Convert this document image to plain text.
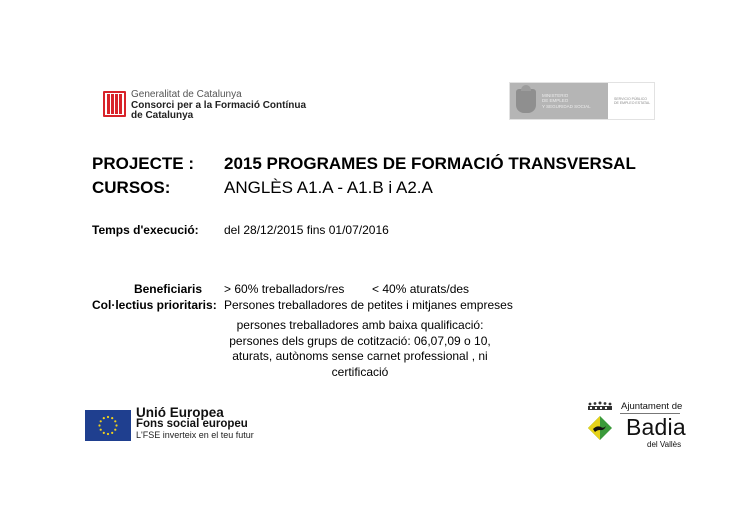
Generalitat de Catalunya
Consorci per a la Formació Contínua
de Catalunya
MINISTERIO
DE EMPLEO
Y SEGURIDAD SOCIAL
SERVICIO PÚBLICO
DE EMPLEO ESTATAL
PROJECTE : 2015 PROGRAMES DE FORMACIÓ TRANSVERSAL
CURSOS:	ANGLÈS A1.A - A1.B i A2.A
Temps d'execució: del 28/12/2015 fins 01/07/2016
Beneficiaris > 60% treballadors/res < 40% aturats/des
Col·lectius prioritaris: Persones treballadores de petites i mitjanes empreses
persones treballadores amb baixa qualificació:
persones dels grups de cotització: 06,07,09 o 10,
aturats, autònoms sense carnet professional , ni
certificació
Unió Europea
Fons social europeu
L'FSE inverteix en el teu futur
Ajuntament de
Badia
del Vallès
